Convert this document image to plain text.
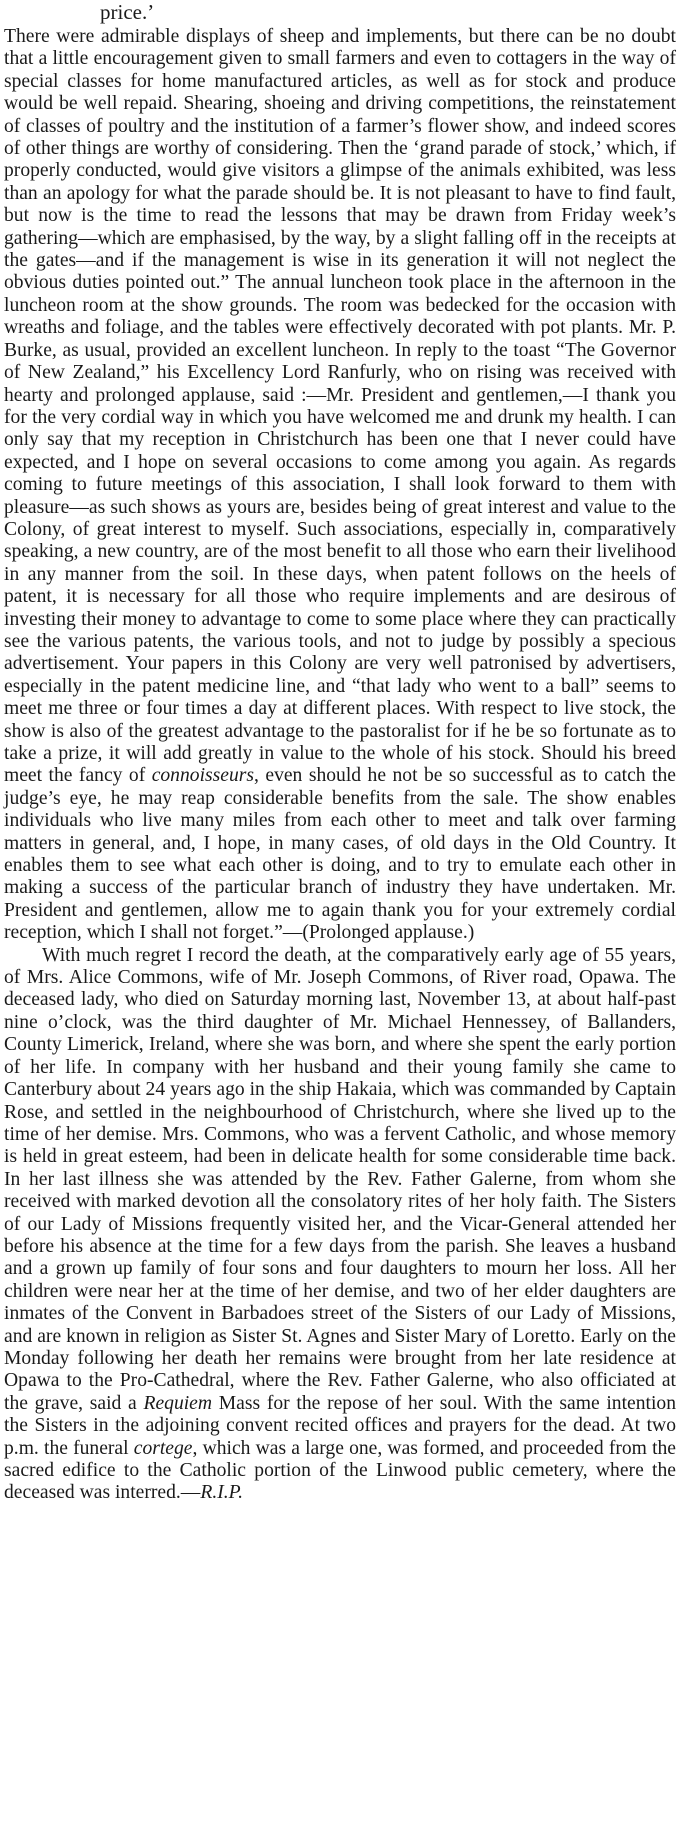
price.’

There were admirable displays of sheep and implements, but there can be no doubt that a little encouragement given to small farmers and even to cottagers in the way of special classes for home manufactured articles, as well as for stock and produce would be well repaid. Shearing, shoeing and driving competitions, the reinstatement of classes of poultry and the institution of a farmer’s flower show, and indeed scores of other things are worthy of considering. Then the ‘grand parade of stock,’ which, if properly conducted, would give visitors a glimpse of the animals exhibited, was less than an apology for what the parade should be. It is not pleasant to have to find fault, but now is the time to read the lessons that may be drawn from Friday week’s gathering—which are emphasised, by the way, by a slight falling off in the receipts at the gates—and if the management is wise in its generation it will not neglect the obvious duties pointed out.” The annual luncheon took place in the afternoon in the luncheon room at the show grounds. The room was bedecked for the occasion with wreaths and foliage, and the tables were effectively decorated with pot plants. Mr. P. Burke, as usual, provided an excellent luncheon. In reply to the toast “The Governor of New Zealand,” his Excellency Lord Ranfurly, who on rising was received with hearty and prolonged applause, said :—Mr. President and gentlemen,—I thank you for the very cordial way in which you have welcomed me and drunk my health. I can only say that my reception in Christchurch has been one that I never could have expected, and I hope on several occasions to come among you again. As regards coming to future meetings of this association, I shall look forward to them with pleasure—as such shows as yours are, besides being of great interest and value to the Colony, of great interest to myself. Such associations, especially in, comparatively speaking, a new country, are of the most benefit to all those who earn their livelihood in any manner from the soil. In these days, when patent follows on the heels of patent, it is necessary for all those who require implements and are desirous of investing their money to advantage to come to some place where they can practically see the various patents, the various tools, and not to judge by possibly a specious advertisement. Your papers in this Colony are very well patronised by advertisers, especially in the patent medicine line, and “that lady who went to a ball” seems to meet me three or four times a day at different places. With respect to live stock, the show is also of the greatest advantage to the pastoralist for if he be so fortunate as to take a prize, it will add greatly in value to the whole of his stock. Should his breed meet the fancy of connoisseurs, even should he not be so successful as to catch the judge’s eye, he may reap considerable benefits from the sale. The show enables individuals who live many miles from each other to meet and talk over farming matters in general, and, I hope, in many cases, of old days in the Old Country. It enables them to see what each other is doing, and to try to emulate each other in making a success of the particular branch of industry they have undertaken. Mr. President and gentlemen, allow me to again thank you for your extremely cordial reception, which I shall not forget.”—(Prolonged applause.)

With much regret I record the death, at the comparatively early age of 55 years, of Mrs. Alice Commons, wife of Mr. Joseph Commons, of River road, Opawa. The deceased lady, who died on Saturday morning last, November 13, at about half-past nine o’clock, was the third daughter of Mr. Michael Hennessey, of Ballanders, County Limerick, Ireland, where she was born, and where she spent the early portion of her life. In company with her husband and their young family she came to Canterbury about 24 years ago in the ship Hakaia, which was commanded by Captain Rose, and settled in the neighbourhood of Christchurch, where she lived up to the time of her demise. Mrs. Commons, who was a fervent Catholic, and whose memory is held in great esteem, had been in delicate health for some considerable time back. In her last illness she was attended by the Rev. Father Galerne, from whom she received with marked devotion all the consolatory rites of her holy faith. The Sisters of our Lady of Missions frequently visited her, and the Vicar-General attended her before his absence at the time for a few days from the parish. She leaves a husband and a grown up family of four sons and four daughters to mourn her loss. All her children were near her at the time of her demise, and two of her elder daughters are inmates of the Convent in Barbadoes street of the Sisters of our Lady of Missions, and are known in religion as Sister St. Agnes and Sister Mary of Loretto. Early on the Monday following her death her remains were brought from her late residence at Opawa to the Pro-Cathedral, where the Rev. Father Galerne, who also officiated at the grave, said a Requiem Mass for the repose of her soul. With the same intention the Sisters in the adjoining convent recited offices and prayers for the dead. At two p.m. the funeral cortege, which was a large one, was formed, and proceeded from the sacred edifice to the Catholic portion of the Linwood public cemetery, where the deceased was interred.—R.I.P.
